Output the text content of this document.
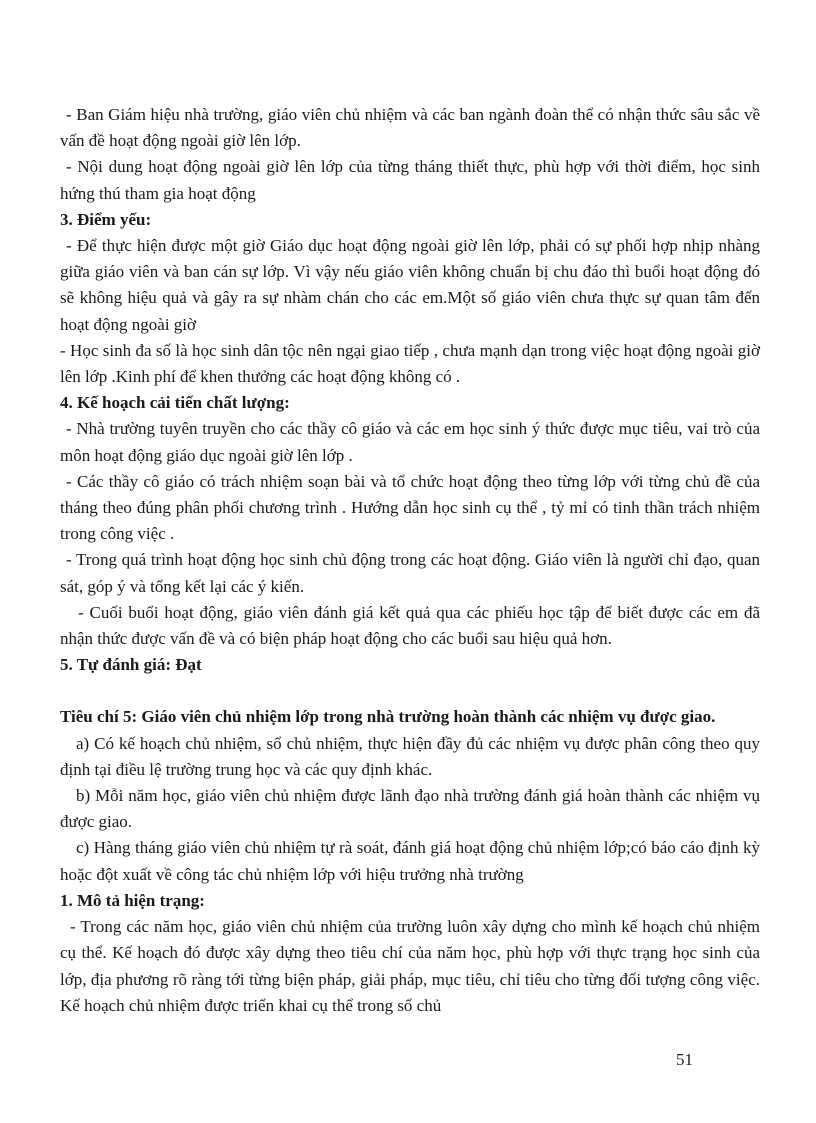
- Ban Giám hiệu nhà trường, giáo viên chủ nhiệm và các ban ngành đoàn thể có nhận thức sâu sắc về vấn đề hoạt động ngoài giờ lên lớp.

- Nội dung hoạt động ngoài giờ lên lớp của từng tháng thiết thực, phù hợp với thời điểm, học sinh hứng thú tham gia hoạt động

3. Điểm yếu:

- Để thực hiện được một giờ Giáo dục hoạt động ngoài giờ lên lớp, phải có sự phối hợp nhịp nhàng giữa giáo viên và ban cán sự lớp. Vì vậy nếu giáo viên không chuẩn bị chu đáo thì buổi hoạt động đó sẽ không hiệu quả và gây ra sự nhàm chán cho các em.Một số giáo viên chưa thực sự quan tâm đến hoạt động ngoài giờ

- Học sinh đa số là học sinh dân tộc nên ngại giao tiếp , chưa mạnh dạn trong việc hoạt động ngoài giờ lên lớp .Kinh phí để khen thưởng các hoạt động không có .

4. Kế hoạch cải tiến chất lượng:

- Nhà trường tuyên truyền cho các thầy cô giáo và các em học sinh ý thức được mục tiêu, vai trò của môn hoạt động giáo dục ngoài giờ lên lớp .

- Các thầy cô giáo có trách nhiệm soạn bài và tổ chức hoạt động theo từng lớp với từng chủ đề của tháng theo đúng phân phối chương trình . Hướng dẫn học sinh cụ thể , tỷ mỉ có tinh thần trách nhiệm trong công việc .

- Trong quá trình hoạt động học sinh chủ động trong các hoạt động. Giáo viên là người chỉ đạo, quan sát, góp ý và tổng kết lại các ý kiến.

- Cuối buổi hoạt động, giáo viên đánh giá kết quả qua các phiếu học tập để biết được các em đã nhận thức được vấn đề và có biện pháp hoạt động cho các buổi sau hiệu quả hơn.

5. Tự đánh giá: Đạt
Tiêu chí 5: Giáo viên chủ nhiệm lớp trong nhà trường hoàn thành các nhiệm vụ được giao.

a) Có kế hoạch chủ nhiệm, sổ chủ nhiệm, thực hiện đầy đủ các nhiệm vụ được phân công theo quy định tại điều lệ trường trung học và các quy định khác.

b) Mỗi năm học, giáo viên chủ nhiệm được lãnh đạo nhà trường đánh giá hoàn thành các nhiệm vụ được giao.

c) Hàng tháng giáo viên chủ nhiệm tự rà soát, đánh giá hoạt động chủ nhiệm lớp;có báo cáo định kỳ hoặc đột xuất về công tác chủ nhiệm lớp với hiệu trưởng nhà trường

1. Mô tả hiện trạng:

- Trong các năm học, giáo viên chủ nhiệm của trường luôn xây dựng cho mình kế hoạch chủ nhiệm cụ thể. Kế hoạch đó được xây dựng theo tiêu chí của năm học, phù hợp với thực trạng học sinh của lớp, địa phương rõ ràng tới từng biện pháp, giải pháp, mục tiêu, chỉ tiêu cho từng đối tượng công việc. Kế hoạch chủ nhiệm được triển khai cụ thể trong sổ chủ

51
